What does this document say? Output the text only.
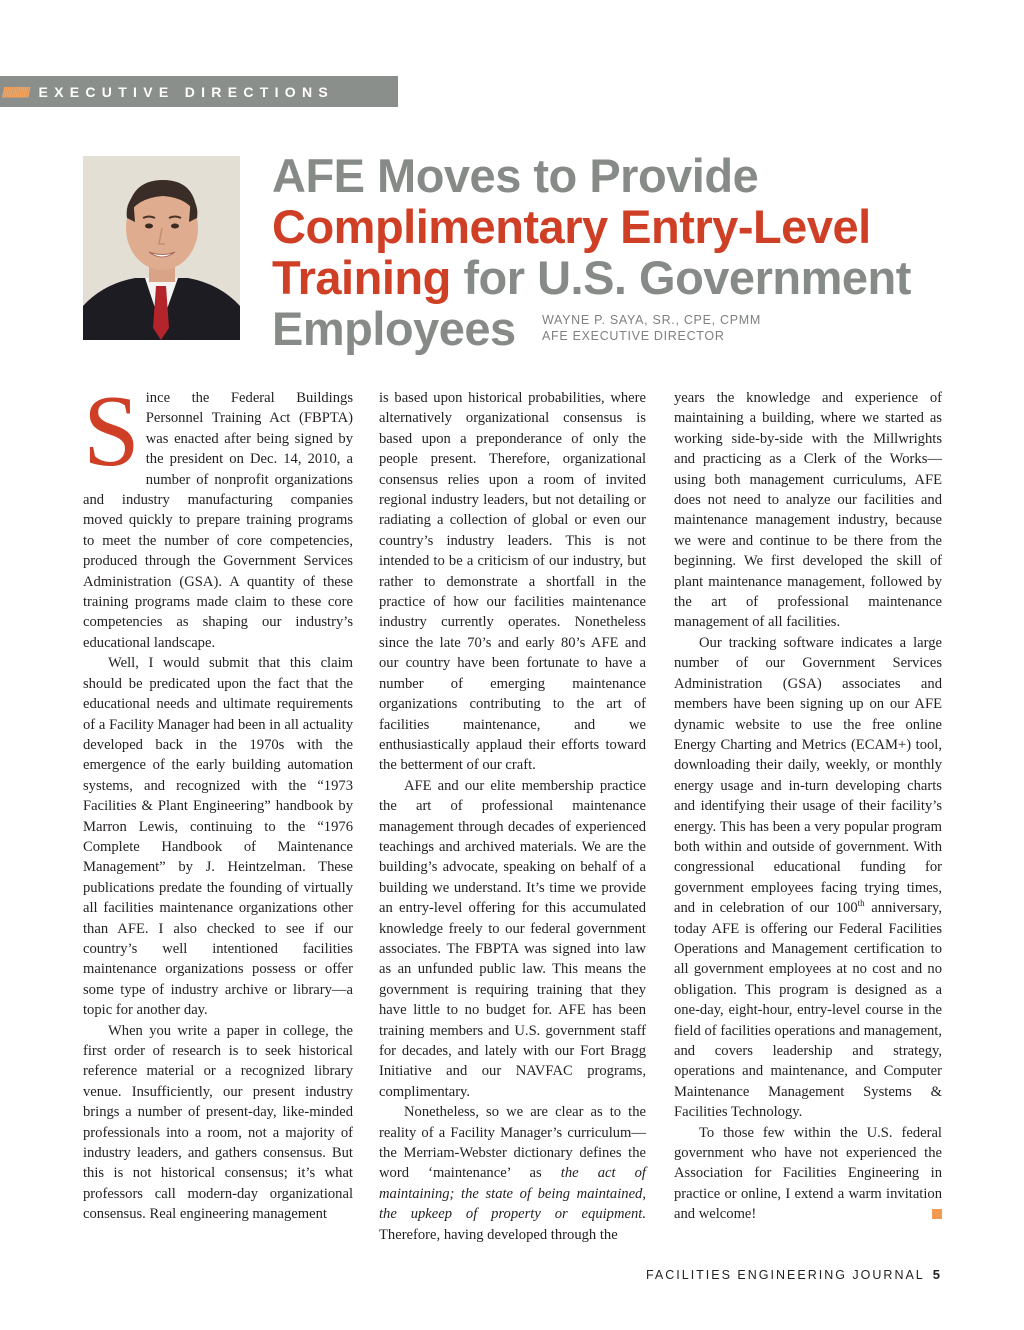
////////////// EXECUTIVE DIRECTIONS
AFE Moves to Provide
Complimentary Entry-Level Training for U.S. Government Employees	WAYNE P. SAYA, SR., CPE, CPMM
AFE EXECUTIVE DIRECTOR

Since the Federal Buildings Personnel Training Act (FBPTA) was enacted after being signed by the president on Dec. 14, 2010, a number of nonprofit organizations and industry manufacturing companies moved quickly to prepare training programs to meet the number of core competencies, produced through the Government Services Administration (GSA). A quantity of these training programs made claim to these core competencies as shaping our industry’s educational landscape.

Well, I would submit that this claim should be predicated upon the fact that the educational needs and ultimate requirements of a Facility Manager had been in all actuality developed back in the 1970s with the emergence of the early building automation systems, and recognized with the “1973 Facilities & Plant Engineering” handbook by Marron Lewis, continuing to the “1976 Complete Handbook of Maintenance Management” by J. Heintzelman. These publications predate the founding of virtually all facilities maintenance organizations other than AFE. I also checked to see if our country’s well intentioned facilities maintenance organizations possess or offer some type of industry archive or library—a topic for another day.

When you write a paper in college, the first order of research is to seek historical reference material or a recognized library venue. Insufficiently, our present industry brings a number of present-day, like-minded professionals into a room, not a majority of industry leaders, and gathers consensus. But this is not historical consensus; it’s what professors call modern-day organizational consensus. Real engineering management

is based upon historical probabilities, where alternatively organizational consensus is based upon a preponderance of only the people present. Therefore, organizational consensus relies upon a room of invited regional industry leaders, but not detailing or radiating a collection of global or even our country’s industry leaders. This is not intended to be a criticism of our industry, but rather to demonstrate a shortfall in the practice of how our facilities maintenance industry currently operates. Nonetheless since the late 70’s and early 80’s AFE and our country have been fortunate to have a number of emerging maintenance organizations contributing to the art of facilities maintenance, and we enthusiastically applaud their efforts toward the betterment of our craft.

AFE and our elite membership practice the art of professional maintenance management through decades of experienced teachings and archived materials. We are the building’s advocate, speaking on behalf of a building we understand. It’s time we provide an entry-level offering for this accumulated knowledge freely to our federal government associates. The FBPTA was signed into law as an unfunded public law. This means the government is requiring training that they have little to no budget for. AFE has been training members and U.S. government staff for decades, and lately with our Fort Bragg Initiative and our NAVFAC programs, complimentary.

Nonetheless, so we are clear as to the reality of a Facility Manager’s curriculum—the Merriam-Webster dictionary defines the word ‘maintenance’ as the act of maintaining; the state of being maintained, the upkeep of property or equipment. Therefore, having developed through the

years the knowledge and experience of maintaining a building, where we started as working side-by-side with the Millwrights and practicing as a Clerk of the Works—using both management curriculums, AFE does not need to analyze our facilities and maintenance management industry, because we were and continue to be there from the beginning. We first developed the skill of plant maintenance management, followed by the art of professional maintenance management of all facilities.

Our tracking software indicates a large number of our Government Services Administration (GSA) associates and members have been signing up on our AFE dynamic website to use the free online Energy Charting and Metrics (ECAM+) tool, downloading their daily, weekly, or monthly energy usage and in-turn developing charts and identifying their usage of their facility’s energy. This has been a very popular program both within and outside of government. With congressional educational funding for government employees facing trying times, and in celebration of our 100th anniversary, today AFE is offering our Federal Facilities Operations and Management certification to all government employees at no cost and no obligation. This program is designed as a one-day, eight-hour, entry-level course in the field of facilities operations and management, and covers leadership and strategy, operations and maintenance, and Computer Maintenance Management Systems & Facilities Technology.

To those few within the U.S. federal government who have not experienced the Association for Facilities Engineering in practice or online, I extend a warm invitation and welcome!

FACILITIES ENGINEERING JOURNAL 5
